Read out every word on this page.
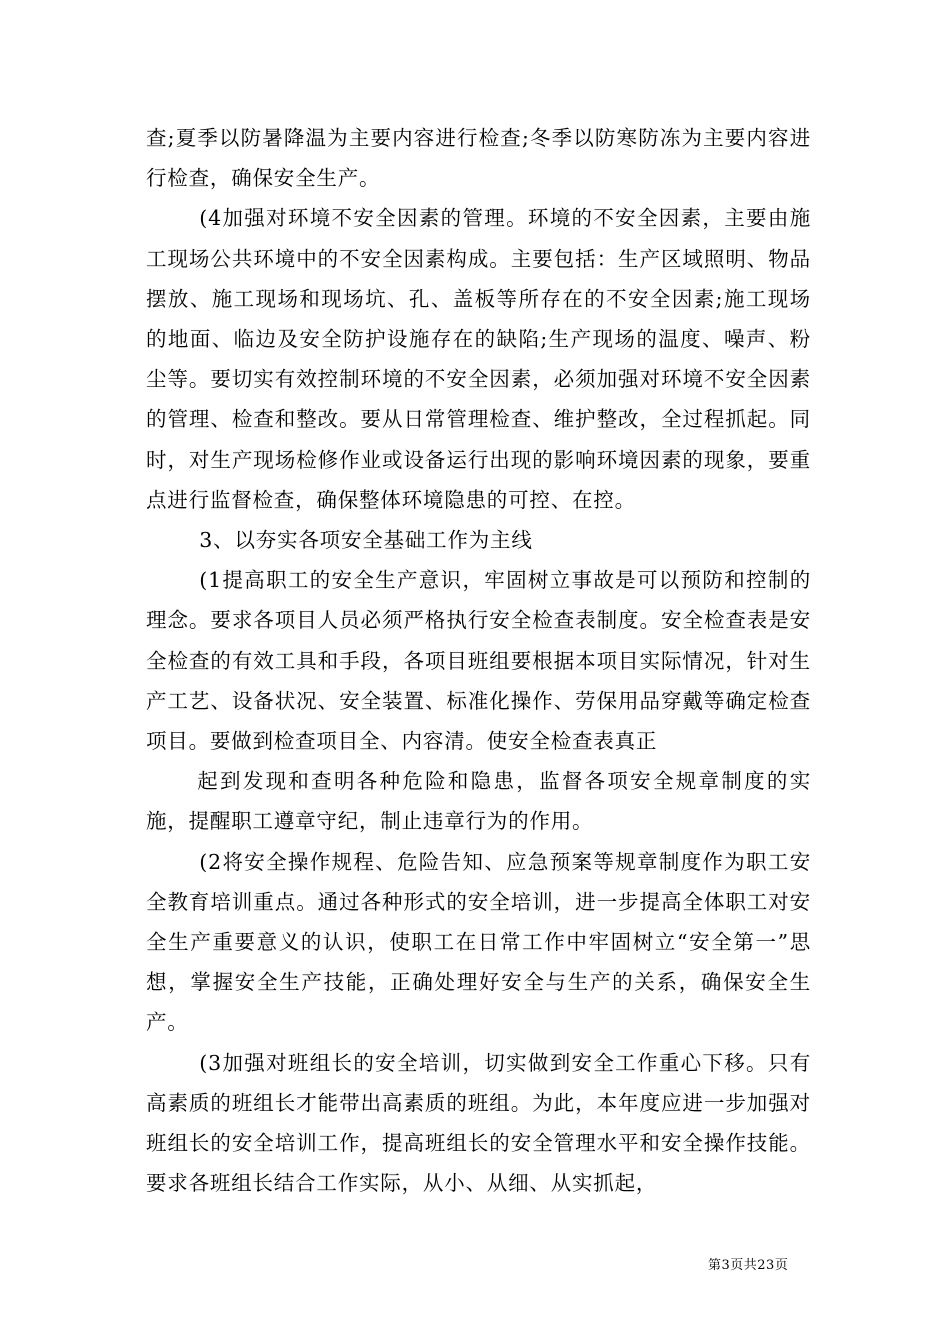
查;夏季以防暑降温为主要内容进行检查;冬季以防寒防冻为主要内容进行检查，确保安全生产。

(4加强对环境不安全因素的管理。环境的不安全因素，主要由施工现场公共环境中的不安全因素构成。主要包括：生产区域照明、物品摆放、施工现场和现场坑、孔、盖板等所存在的不安全因素;施工现场的地面、临边及安全防护设施存在的缺陷;生产现场的温度、噪声、粉尘等。要切实有效控制环境的不安全因素，必须加强对环境不安全因素的管理、检查和整改。要从日常管理检查、维护整改，全过程抓起。同时，对生产现场检修作业或设备运行出现的影响环境因素的现象，要重点进行监督检查，确保整体环境隐患的可控、在控。

3、以夯实各项安全基础工作为主线

(1提高职工的安全生产意识，牢固树立事故是可以预防和控制的理念。要求各项目人员必须严格执行安全检查表制度。安全检查表是安全检查的有效工具和手段，各项目班组要根据本项目实际情况，针对生产工艺、设备状况、安全装置、标准化操作、劳保用品穿戴等确定检查项目。要做到检查项目全、内容清。使安全检查表真正

起到发现和查明各种危险和隐患，监督各项安全规章制度的实施，提醒职工遵章守纪，制止违章行为的作用。

(2将安全操作规程、危险告知、应急预案等规章制度作为职工安全教育培训重点。通过各种形式的安全培训，进一步提高全体职工对安全生产重要意义的认识，使职工在日常工作中牢固树立“安全第一”思想，掌握安全生产技能，正确处理好安全与生产的关系，确保安全生产。

(3加强对班组长的安全培训，切实做到安全工作重心下移。只有高素质的班组长才能带出高素质的班组。为此，本年度应进一步加强对班组长的安全培训工作，提高班组长的安全管理水平和安全操作技能。要求各班组长结合工作实际，从小、从细、从实抓起，

第3页共23页
